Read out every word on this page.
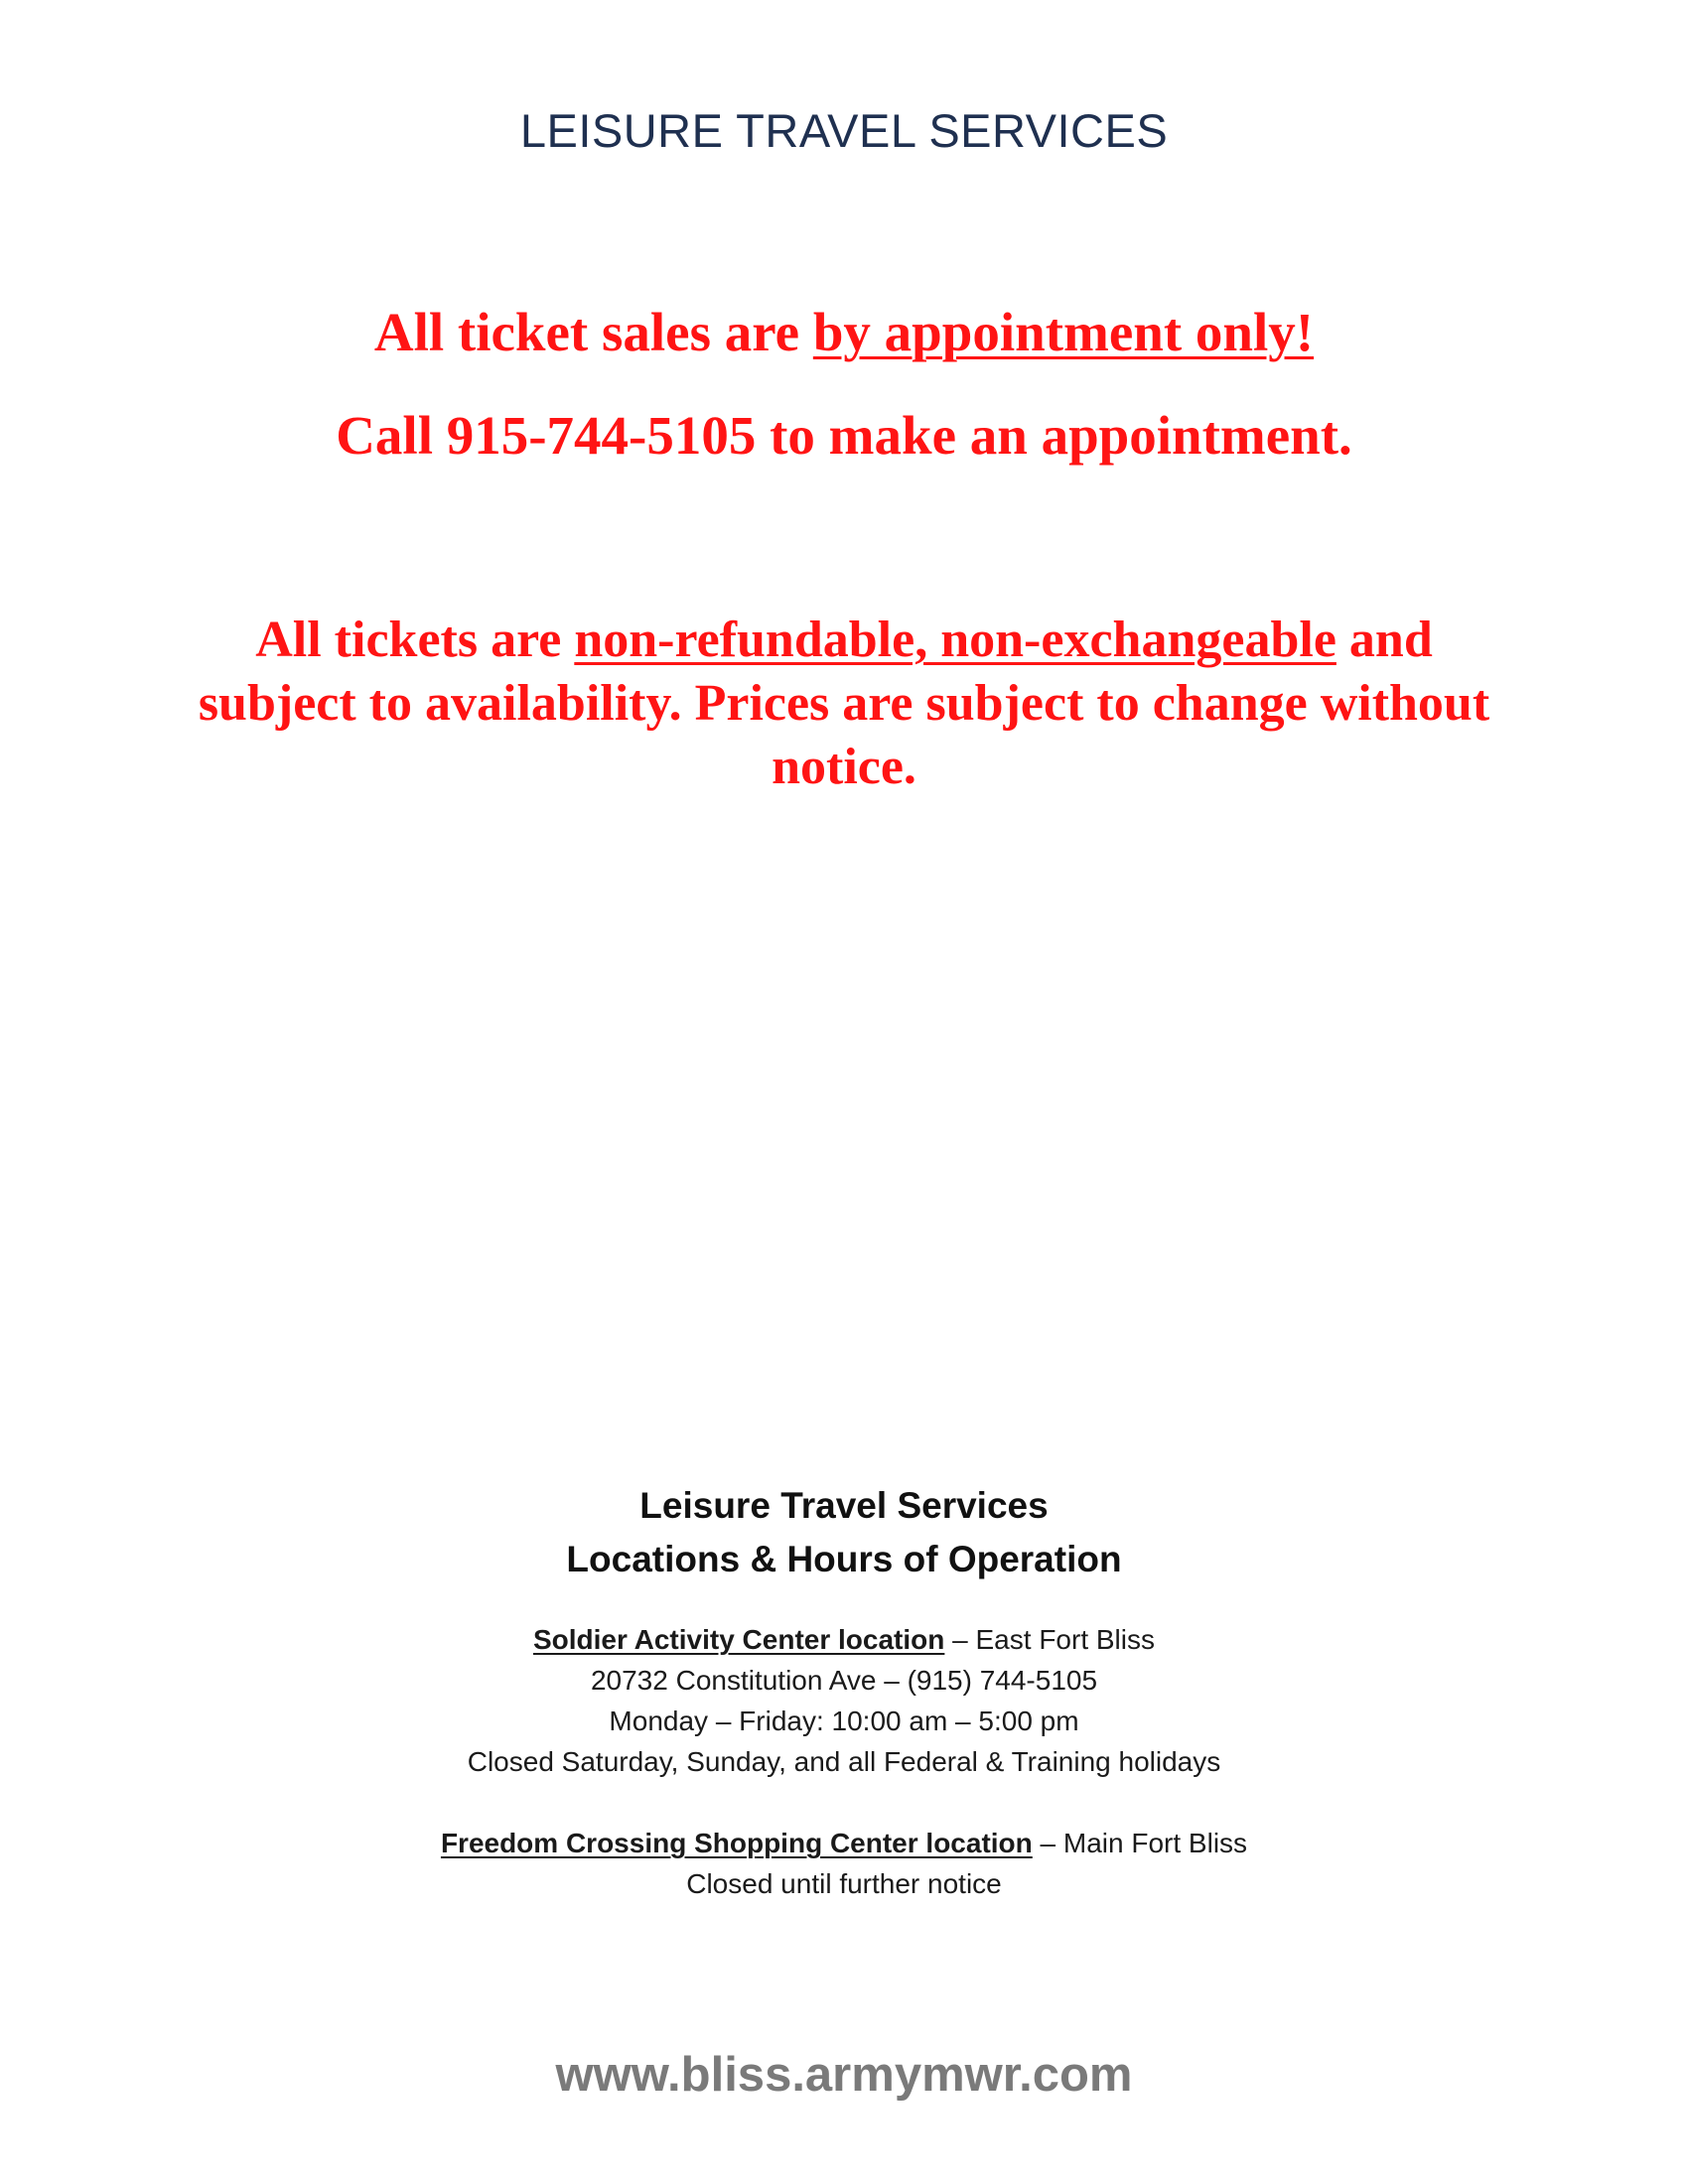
LEISURE TRAVEL SERVICES
All ticket sales are by appointment only!
Call 915-744-5105 to make an appointment.
All tickets are non-refundable, non-exchangeable and subject to availability. Prices are subject to change without notice.
Leisure Travel Services
Locations & Hours of Operation
Soldier Activity Center location – East Fort Bliss
20732 Constitution Ave – (915) 744-5105
Monday – Friday: 10:00 am – 5:00 pm
Closed Saturday, Sunday, and all Federal & Training holidays
Freedom Crossing Shopping Center location – Main Fort Bliss
Closed until further notice
www.bliss.armymwr.com
